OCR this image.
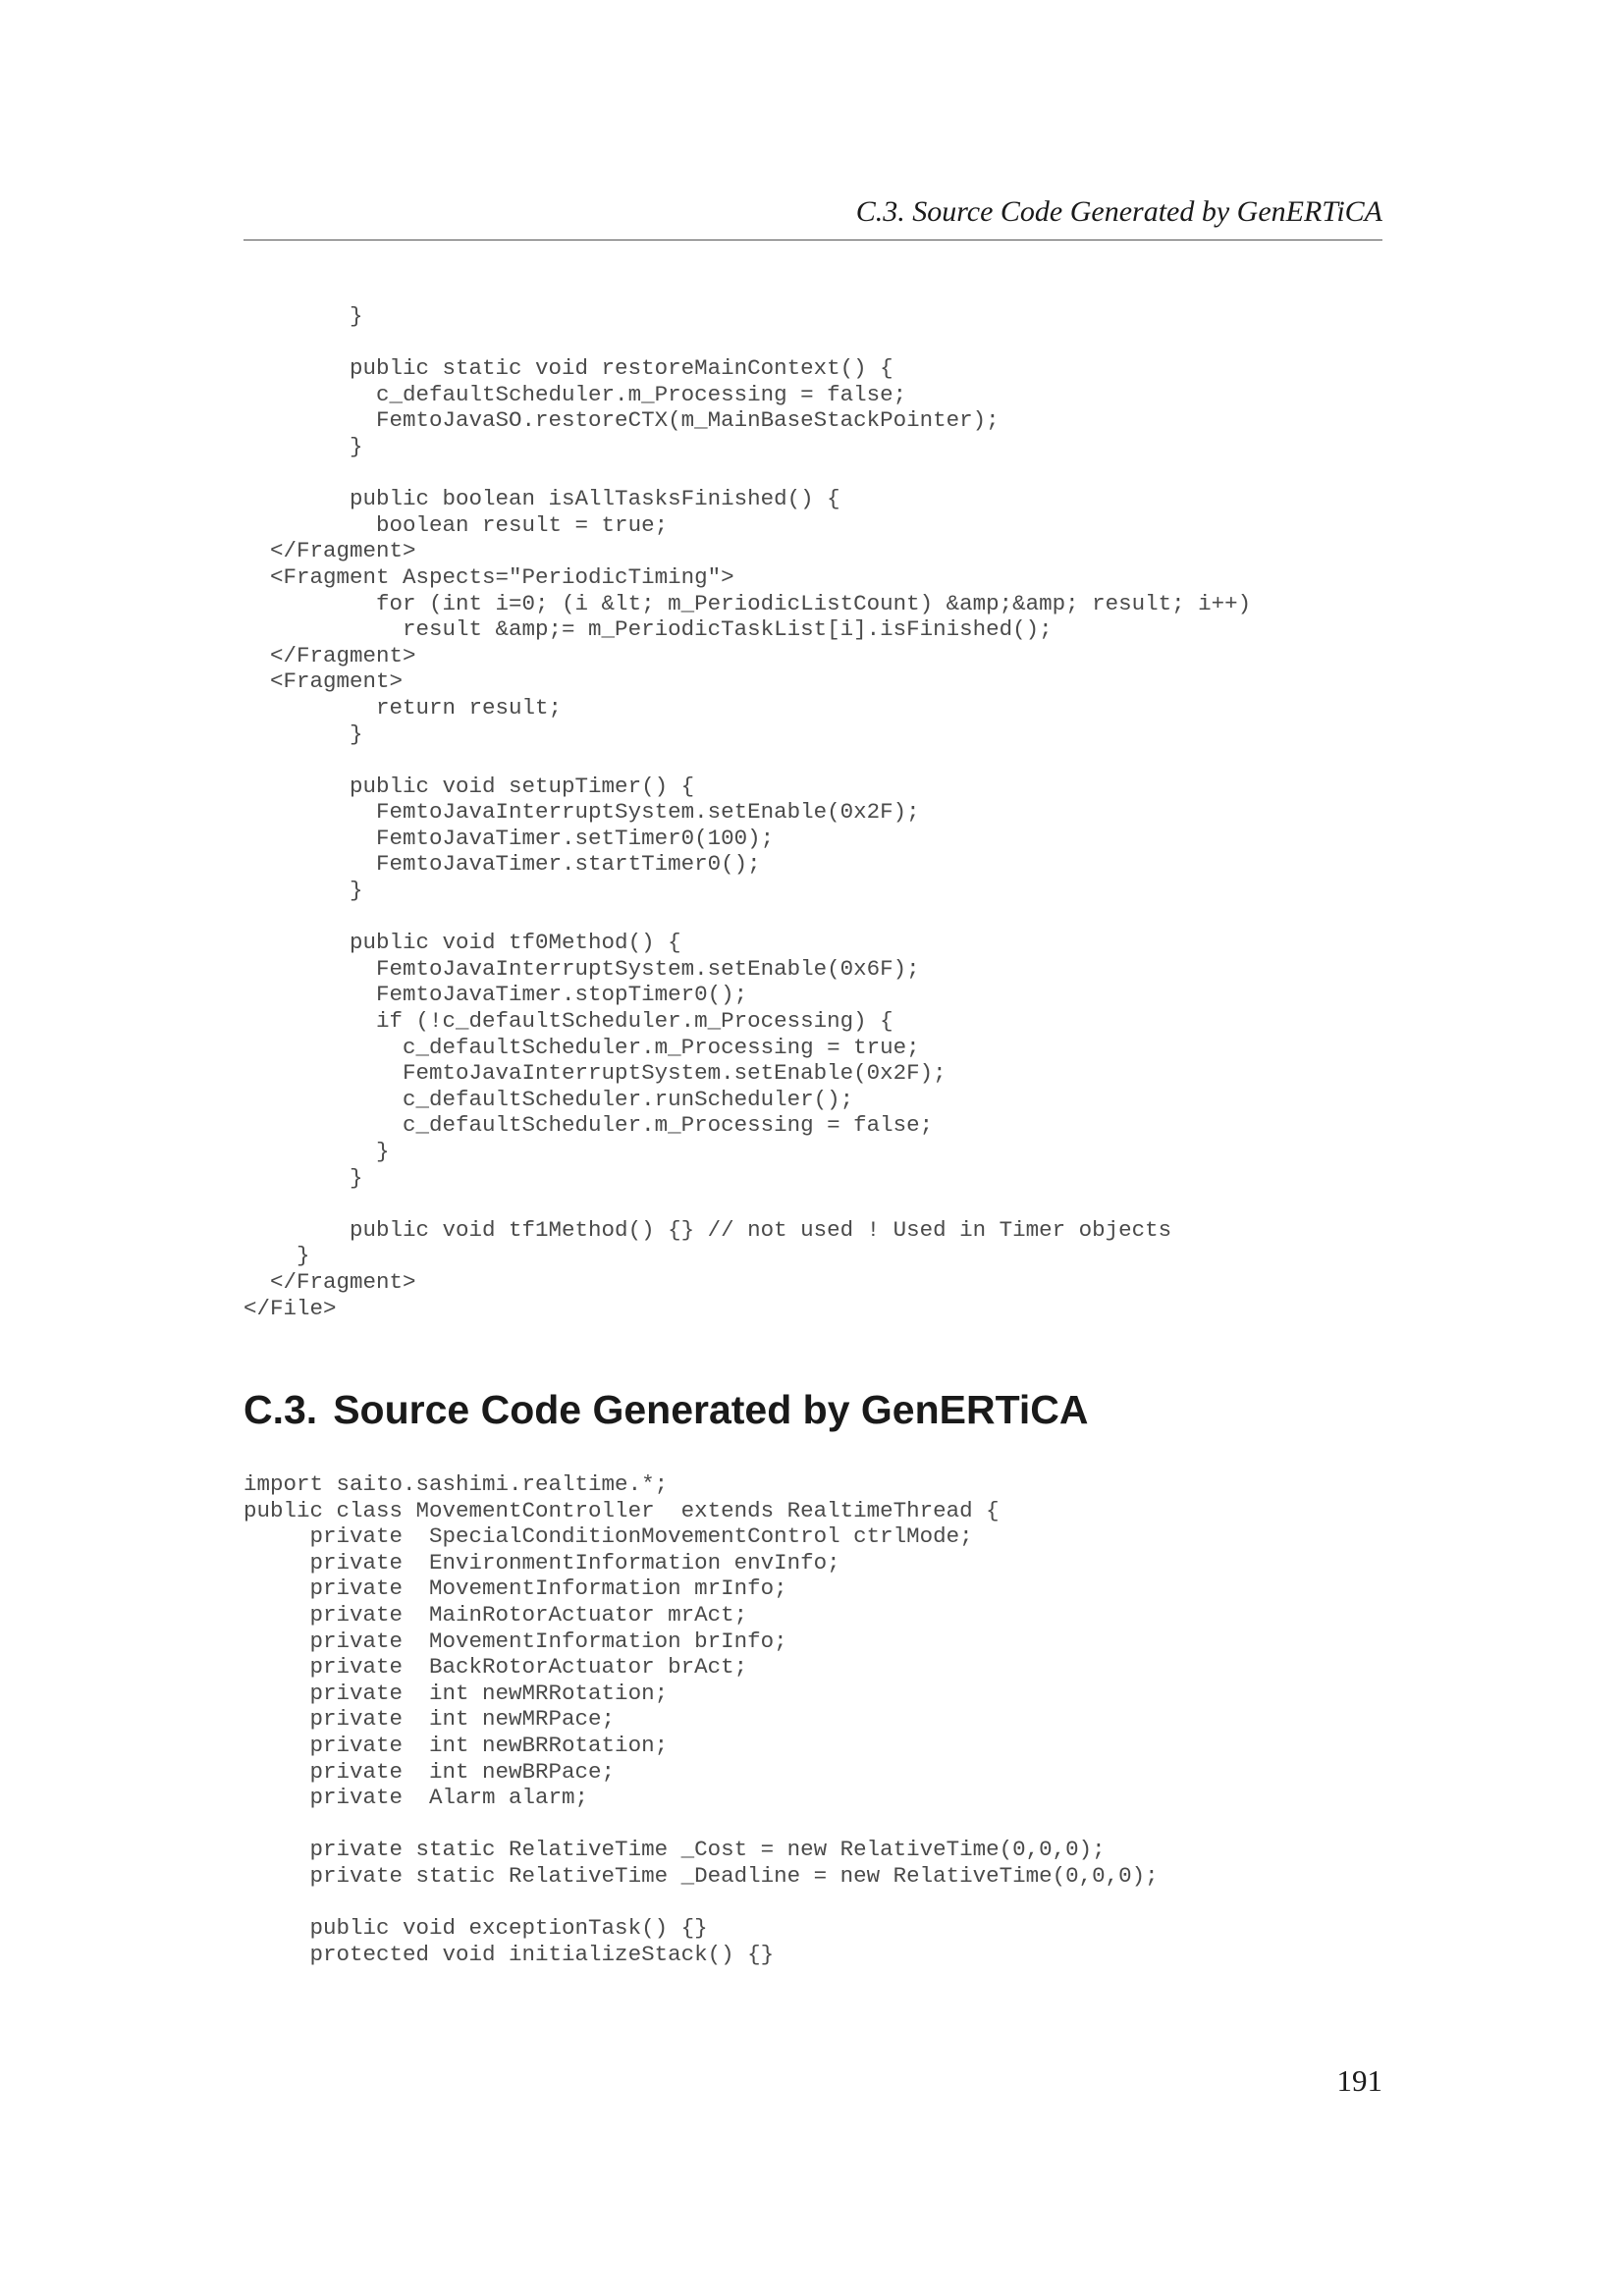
C.3. Source Code Generated by GenERTiCA
}
public static void restoreMainContext() {
c_defaultScheduler.m_Processing = false;
FemtoJavaSO.restoreCTX(m_MainBaseStackPointer);
}
public boolean isAllTasksFinished() {
boolean result = true;
</Fragment>
<Fragment Aspects="PeriodicTiming">
for (int i=0; (i &lt; m_PeriodicListCount) &amp;&amp; result; i++)
result &amp;= m_PeriodicTaskList[i].isFinished();
</Fragment>
<Fragment>
return result;
}
public void setupTimer() {
FemtoJavaInterruptSystem.setEnable(0x2F);
FemtoJavaTimer.setTimer0(100);
FemtoJavaTimer.startTimer0();
}
public void tf0Method() {
FemtoJavaInterruptSystem.setEnable(0x6F);
FemtoJavaTimer.stopTimer0();
if (!c_defaultScheduler.m_Processing) {
c_defaultScheduler.m_Processing = true;
FemtoJavaInterruptSystem.setEnable(0x2F);
c_defaultScheduler.runScheduler();
c_defaultScheduler.m_Processing = false;
}
}
public void tf1Method() {} // not used ! Used in Timer objects
}
</Fragment>
</File>
C.3. Source Code Generated by GenERTiCA
import saito.sashimi.realtime.*;
public class MovementController  extends RealtimeThread {
private  SpecialConditionMovementControl ctrlMode;
private  EnvironmentInformation envInfo;
private  MovementInformation mrInfo;
private  MainRotorActuator mrAct;
private  MovementInformation brInfo;
private  BackRotorActuator brAct;
private  int newMRRotation;
private  int newMRPace;
private  int newBRRotation;
private  int newBRPace;
private  Alarm alarm;
private static RelativeTime _Cost = new RelativeTime(0,0,0);
private static RelativeTime _Deadline = new RelativeTime(0,0,0);
public void exceptionTask() {}
protected void initializeStack() {}
191
